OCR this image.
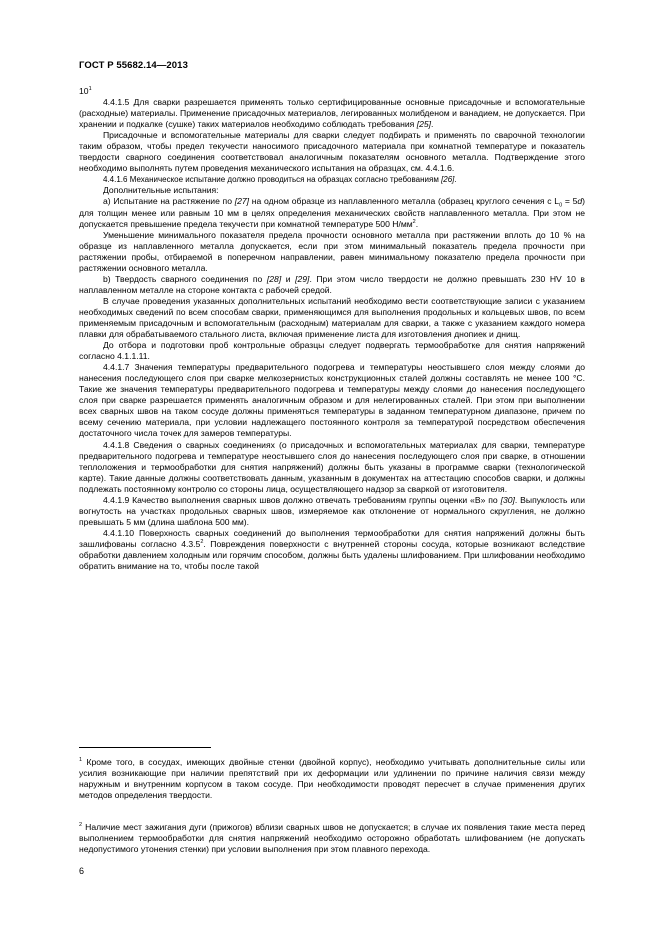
ГОСТ Р 55682.14—2013

$10^1$

4.4.1.5 Для сварки разрешается применять только сертифицированные основные присадочные и вспомогательные (расходные) материалы. Применение присадочных материалов, легированных молибденом и ванадием, не допускается. При хранении и подкалке (сушке) таких материалов необходимо соблюдать требования [25].

Присадочные и вспомогательные материалы для сварки следует подбирать и применять по сварочной технологии таким образом, чтобы предел текучести наносимого присадочного материала при комнатной температуре и показатель твердости сварного соединения соответствовал аналогичным показателям основного металла. Подтверждение этого необходимо выполнять путем проведения механического испытания на образцах, см. 4.4.1.6.

4.4.1.6 Механическое испытание должно проводиться на образцах согласно требованиям [26].

Дополнительные испытания:

a) Испытание на растяжение по [27] на одном образце из наплавленного металла (образец круглого сечения с $L_0 = 5d$) для толщин менее или равным 10 мм в целях определения механических свойств наплавленного металла. При этом не допускается превышение предела текучести при комнатной температуре 500 $Н/мм^2$.

Уменьшение минимального показателя предела прочности основного металла при растяжении вплоть до 10 % на образце из наплавленного металла допускается, если при этом минимальный показатель предела прочности при растяжении пробы, отбираемой в поперечном направлении, равен минимальному показателю предела прочности при растяжении основного металла.

b) Твердость сварного соединения по [28] и [29]. При этом число твердости не должно превышать 230 HV 10 в наплавленном металле на стороне контакта с рабочей средой.

В случае проведения указанных дополнительных испытаний необходимо вести соответствующие записи с указанием необходимых сведений по всем способам сварки, применяющимся для выполнения продольных и кольцевых швов, по всем применяемым присадочным и вспомогательным (расходным) материалам для сварки, а также с указанием каждого номера плавки для обрабатываемого стального листа, включая применение листа для изготовления днопиек и днищ.

До отбора и подготовки проб контрольные образцы следует подвергать термообработке для снятия напряжений согласно 4.1.1.11.

4.4.1.7 Значения температуры предварительного подогрева и температуры неостывшего слоя между слоями до нанесения последующего слоя при сварке мелкозернистых конструкционных сталей должны составлять не менее 100 °С. Такие же значения температуры предварительного подогрева и температуры между слоями до нанесения последующего слоя при сварке разрешается применять аналогичным образом и для нелегированных сталей. При этом при выполнении всех сварных швов на таком сосуде должны применяться температуры в заданном температурном диапазоне, причем по всему сечению материала, при условии надлежащего постоянного контроля за температурой посредством обеспечения достаточного числа точек для замеров температуры.

4.4.1.8 Сведения о сварных соединениях (о присадочных и вспомогательных материалах для сварки, температуре предварительного подогрева и температуре неостывшего слоя до нанесения последующего слоя при сварке, в отношении теплоложения и термообработки для снятия напряжений) должны быть указаны в программе сварки (технологической карте). Такие данные должны соответствовать данным, указанным в документах на аттестацию способов сварки, и должны подлежать постоянному контролю со стороны лица, осуществляющего надзор за сваркой от изготовителя.

4.4.1.9 Качество выполнения сварных швов должно отвечать требованиям группы оценки «В» по [30]. Выпуклость или вогнутость на участках продольных сварных швов, измеряемое как отклонение от нормального скругления, не должно превышать 5 мм (длина шаблона 500 мм).

4.4.1.10 Поверхность сварных соединений до выполнения термообработки для снятия напряжений должны быть зашлифованы согласно 4.3.5$^2$. Повреждения поверхности с внутренней стороны сосуда, которые возникают вследствие обработки давлением холодным или горячим способом, должны быть удалены шлифованием. При шлифовании необходимо обратить внимание на то, чтобы после такой

$^1$ Кроме того, в сосудах, имеющих двойные стенки (двойной корпус), необходимо учитывать дополнительные силы или усилия возникающие при наличии препятствий при их деформации или удлинении по причине наличия связи между наружным и внутренним корпусом в таком сосуде. При необходимости проводят пересчет в случае применения других методов определения твердости.

$^2$ Наличие мест зажигания дуги (прижогов) вблизи сварных швов не допускается; в случае их появления такие места перед выполнением термообработки для снятия напряжений необходимо осторожно обработать шлифованием (не допускать недопустимого утонения стенки) при условии выполнения при этом плавного перехода.

6
